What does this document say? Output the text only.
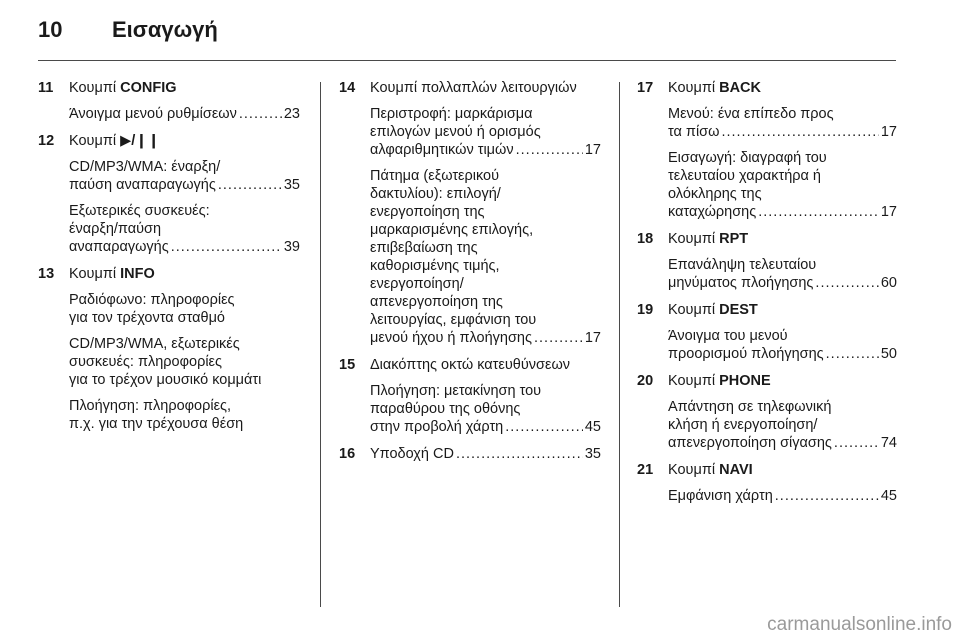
10 Εισαγωγή
11 Κουμπί CONFIG
Άνοιγμα μενού ρυθμίσεων .....	23
12 Κουμπί ▶/❙❙
CD/MP3/WMA: έναρξη/
παύση αναπαραγωγής .....	35
Εξωτερικές συσκευές:
έναρξη/παύση
αναπαραγωγής .....	39
13 Κουμπί INFO
Ραδιόφωνο: πληροφορίες
για τον τρέχοντα σταθμό
CD/MP3/WMA, εξωτερικές
συσκευές: πληροφορίες
για το τρέχον μουσικό κομμάτι
Πλοήγηση: πληροφορίες,
π.χ. για την τρέχουσα θέση
14 Κουμπί πολλαπλών λειτουργιών
Περιστροφή: μαρκάρισμα
επιλογών μενού ή ορισμός
αλφαριθμητικών τιμών .....	17
Πάτημα (εξωτερικού
δακτυλίου): επιλογή/
ενεργοποίηση της
μαρκαρισμένης επιλογής,
επιβεβαίωση της
καθορισμένης τιμής,
ενεργοποίηση/
απενεργοποίηση της
λειτουργίας, εμφάνιση του
μενού ήχου ή πλοήγησης .....	17
15 Διακόπτης οκτώ κατευθύνσεων
Πλοήγηση: μετακίνηση του
παραθύρου της οθόνης
στην προβολή χάρτη .....	45
16 Υποδοχή CD .....	35
17 Κουμπί BACK
Μενού: ένα επίπεδο προς
τα πίσω .....	17
Εισαγωγή: διαγραφή του
τελευταίου χαρακτήρα ή
ολόκληρης της
καταχώρησης .....	17
18 Κουμπί RPT
Επανάληψη τελευταίου
μηνύματος πλοήγησης .....	60
19 Κουμπί DEST
Άνοιγμα του μενού
προορισμού πλοήγησης .....	50
20 Κουμπί PHONE
Απάντηση σε τηλεφωνική
κλήση ή ενεργοποίηση/
απενεργοποίηση σίγασης .....	74
21 Κουμπί NAVI
Εμφάνιση χάρτη .....	45
carmanualsonline.info
